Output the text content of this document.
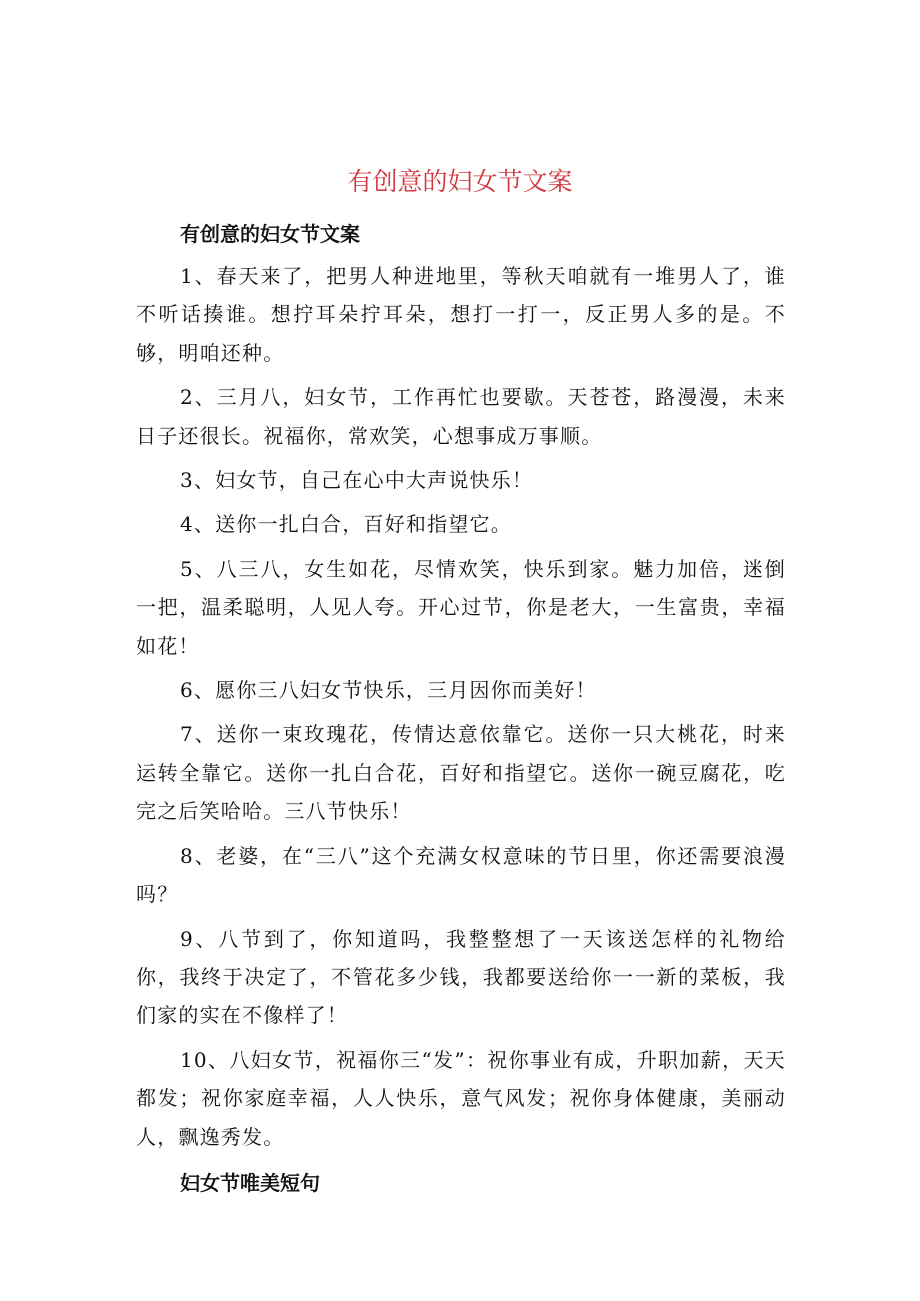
有创意的妇女节文案
有创意的妇女节文案

1、春天来了，把男人种进地里，等秋天咱就有一堆男人了，谁不听话揍谁。想拧耳朵拧耳朵，想打一打一，反正男人多的是。不够，明咱还种。

2、三月八，妇女节，工作再忙也要歇。天苍苍，路漫漫，未来日子还很长。祝福你，常欢笑，心想事成万事顺。

3、妇女节，自己在心中大声说快乐！

4、送你一扎白合，百好和指望它。

5、八三八，女生如花，尽情欢笑，快乐到家。魅力加倍，迷倒一把，温柔聪明，人见人夸。开心过节，你是老大，一生富贵，幸福如花！

6、愿你三八妇女节快乐，三月因你而美好！

7、送你一束玫瑰花，传情达意依靠它。送你一只大桃花，时来运转全靠它。送你一扎白合花，百好和指望它。送你一碗豆腐花，吃完之后笑哈哈。三八节快乐！

8、老婆，在“三八”这个充满女权意味的节日里，你还需要浪漫吗？

9、八节到了，你知道吗，我整整想了一天该送怎样的礼物给你，我终于决定了，不管花多少钱，我都要送给你一一新的菜板，我们家的实在不像样了！

10、八妇女节，祝福你三“发”：祝你事业有成，升职加薪，天天都发；祝你家庭幸福，人人快乐，意气风发；祝你身体健康，美丽动人，飘逸秀发。

妇女节唯美短句
